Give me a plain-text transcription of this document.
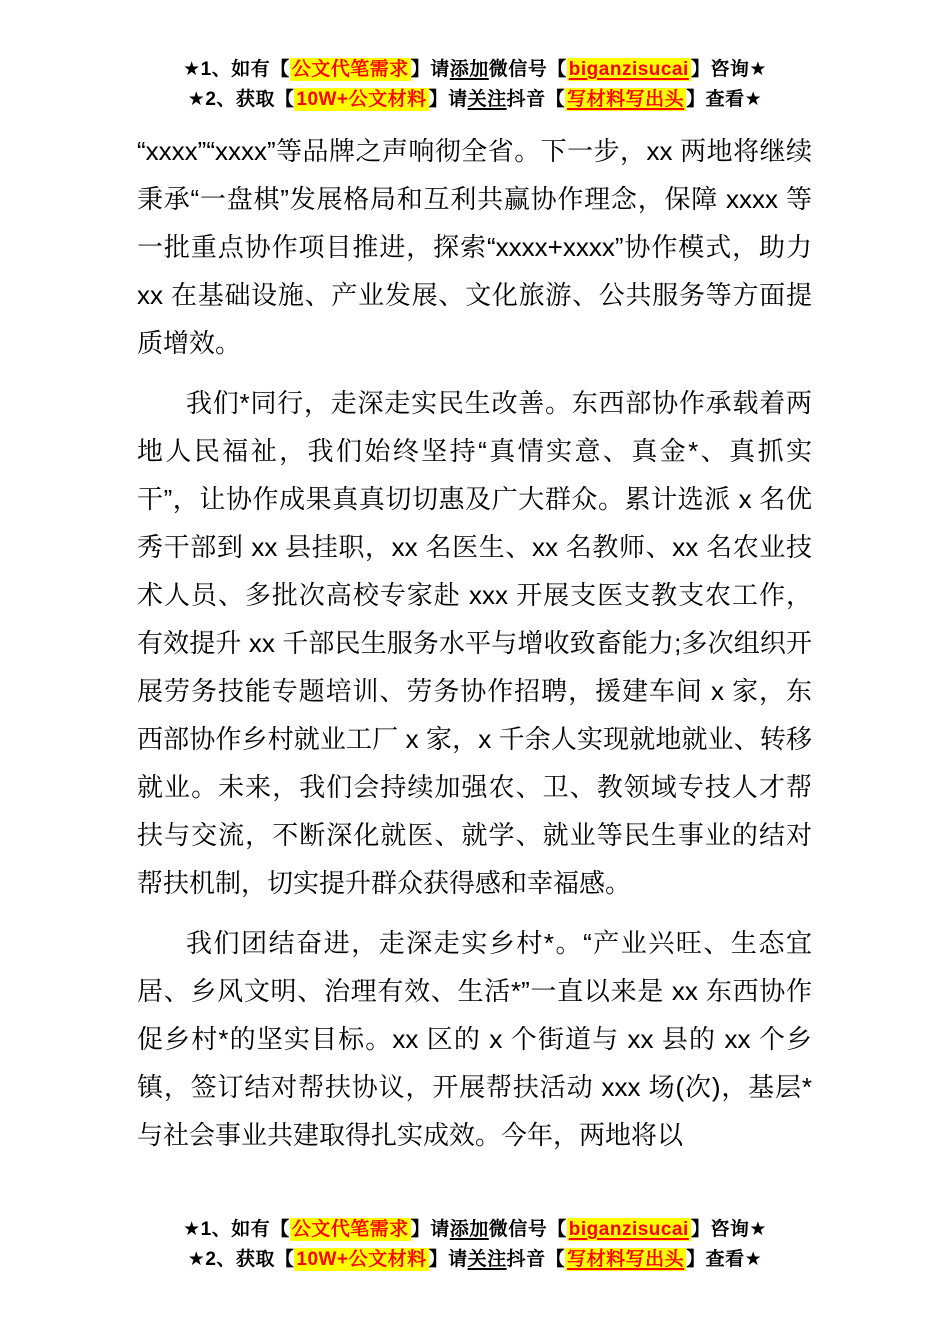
★1、如有【 公文代笔需求 】请添加微信号【 biganzisucai 】咨询★
★2、获取【 10W+公文材料 】请关注抖音【 写材料写出头 】查看★

“xxxx”“xxxx”等品牌之声响彻全省。下一步，xx 两地将继续秉承“一盘棋”发展格局和互利共赢协作理念，保障 xxxx 等一批重点协作项目推进，探索“xxxx+xxxx”协作模式，助力 xx 在基础设施、产业发展、文化旅游、公共服务等方面提质增效。

我们*同行，走深走实民生改善。东西部协作承载着两地人民福祉，我们始终坚持“真情实意、真金*、真抓实干”，让协作成果真真切切惠及广大群众。累计选派 x 名优秀干部到 xx 县挂职，xx 名医生、xx 名教师、xx 名农业技术人员、多批次高校专家赴 xxx 开展支医支教支农工作，有效提升 xx 千部民生服务水平与增收致畜能力;多次组织开展劳务技能专题培训、劳务协作招聘，援建车间 x 家，东西部协作乡村就业工厂 x 家，x 千余人实现就地就业、转移就业。未来，我们会持续加强农、卫、教领域专技人才帮扶与交流，不断深化就医、就学、就业等民生事业的结对帮扶机制，切实提升群众获得感和幸福感。

我们团结奋进，走深走实乡村*。“产业兴旺、生态宜居、乡风文明、治理有效、生活*”一直以来是 xx 东西协作促乡村*的坚实目标。xx 区的 x 个街道与 xx 县的 xx 个乡镇，签订结对帮扶协议，开展帮扶活动 xxx 场(次)，基层*与社会事业共建取得扎实成效。今年，两地将以

★1、如有【 公文代笔需求 】请添加微信号【 biganzisucai 】咨询★
★2、获取【 10W+公文材料 】请关注抖音【 写材料写出头 】查看★
